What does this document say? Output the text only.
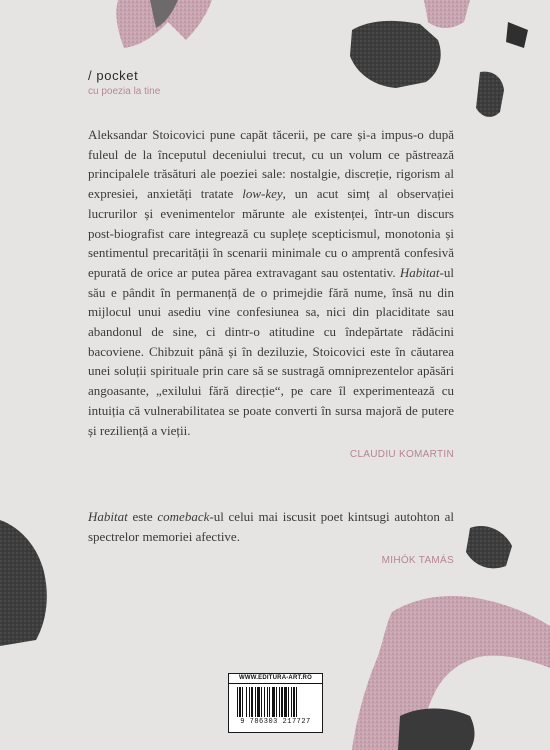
/ pocket
cu poezia la tine

Aleksandar Stoicovici pune capăt tăcerii, pe care și-a impus-o după fuleul de la începutul deceniului trecut, cu un volum ce păstrează principalele trăsături ale poeziei sale: nostalgie, discreție, rigorism al expresiei, anxietăți tratate low-key, un acut simț al observației lucrurilor și evenimentelor mărunte ale existenței, într-un discurs post-biografist care integrează cu suplețe scepticismul, monotonia și sentimentul precarității în scenarii minimale cu o amprentă confesivă epurată de orice ar putea părea extravagant sau ostentativ. Habitat-ul său e pândit în permanență de o primejdie fără nume, însă nu din mijlocul unui asediu vine confesiunea sa, nici din placiditate sau abandonul de sine, ci dintr-o atitudine cu îndepărtate rădăcini bacoviene. Chibzuit până și în deziluzie, Stoicovici este în căutarea unei soluții spirituale prin care să se sustragă omniprezentelor apăsări angoasante, „exilului fără direcție“, pe care îl experimentează cu intuiția că vulnerabilitatea se poate converti în sursa majoră de putere și reziliență a vieții.

CLAUDIU KOMARTIN

Habitat este comeback-ul celui mai iscusit poet kintsugi autohton al spectrelor memoriei afective.

MIHÓK TAMÁS
WWW.EDITURA-ART.RO
9 786303 217727
